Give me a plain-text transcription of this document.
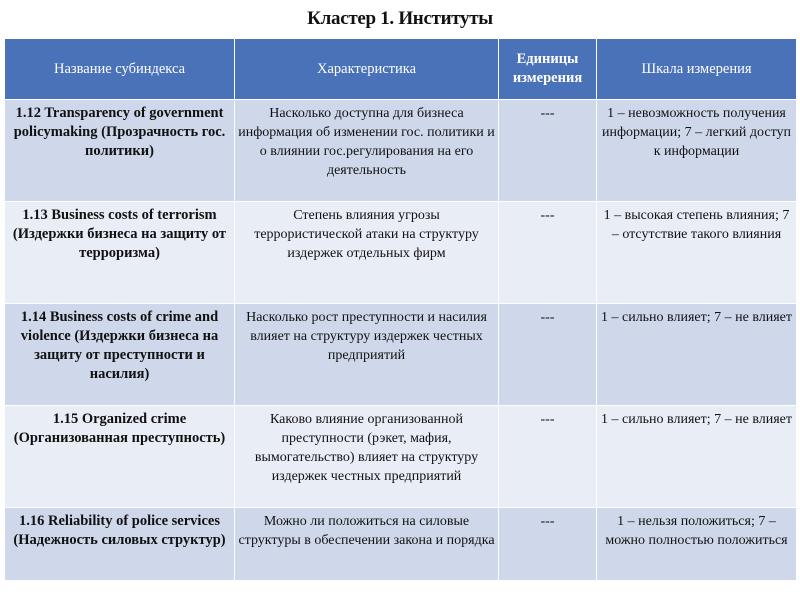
Кластер 1. Институты
Название субиндекса	Характеристика	Единицы измерения	Шкала измерения
1.12 Transparency of government policymaking (Прозрачность гос. политики)	Насколько доступна для бизнеса информация об изменении гос. политики и о влиянии гос.регулирования на его деятельность	---	1 – невозможность получения информации; 7 – легкий доступ к информации
1.13 Business costs of terrorism (Издержки бизнеса на защиту от терроризма)	Степень влияния угрозы террористической атаки на структуру издержек отдельных фирм	---	1 – высокая степень влияния; 7 – отсутствие такого влияния
1.14 Business costs of crime and violence (Издержки бизнеса на защиту от преступности и насилия)	Насколько рост преступности и насилия влияет на структуру издержек честных предприятий	---	1 – сильно влияет; 7 – не влияет
1.15 Organized crime (Организованная преступность)	Каково влияние организованной преступности (рэкет, мафия, вымогательство) влияет на структуру издержек честных предприятий	---	1 – сильно влияет; 7 – не влияет
1.16 Reliability of police services (Надежность силовых структур)	Можно ли положиться на силовые структуры в обеспечении закона и порядка	---	1 – нельзя положиться; 7 – можно полностью положиться
